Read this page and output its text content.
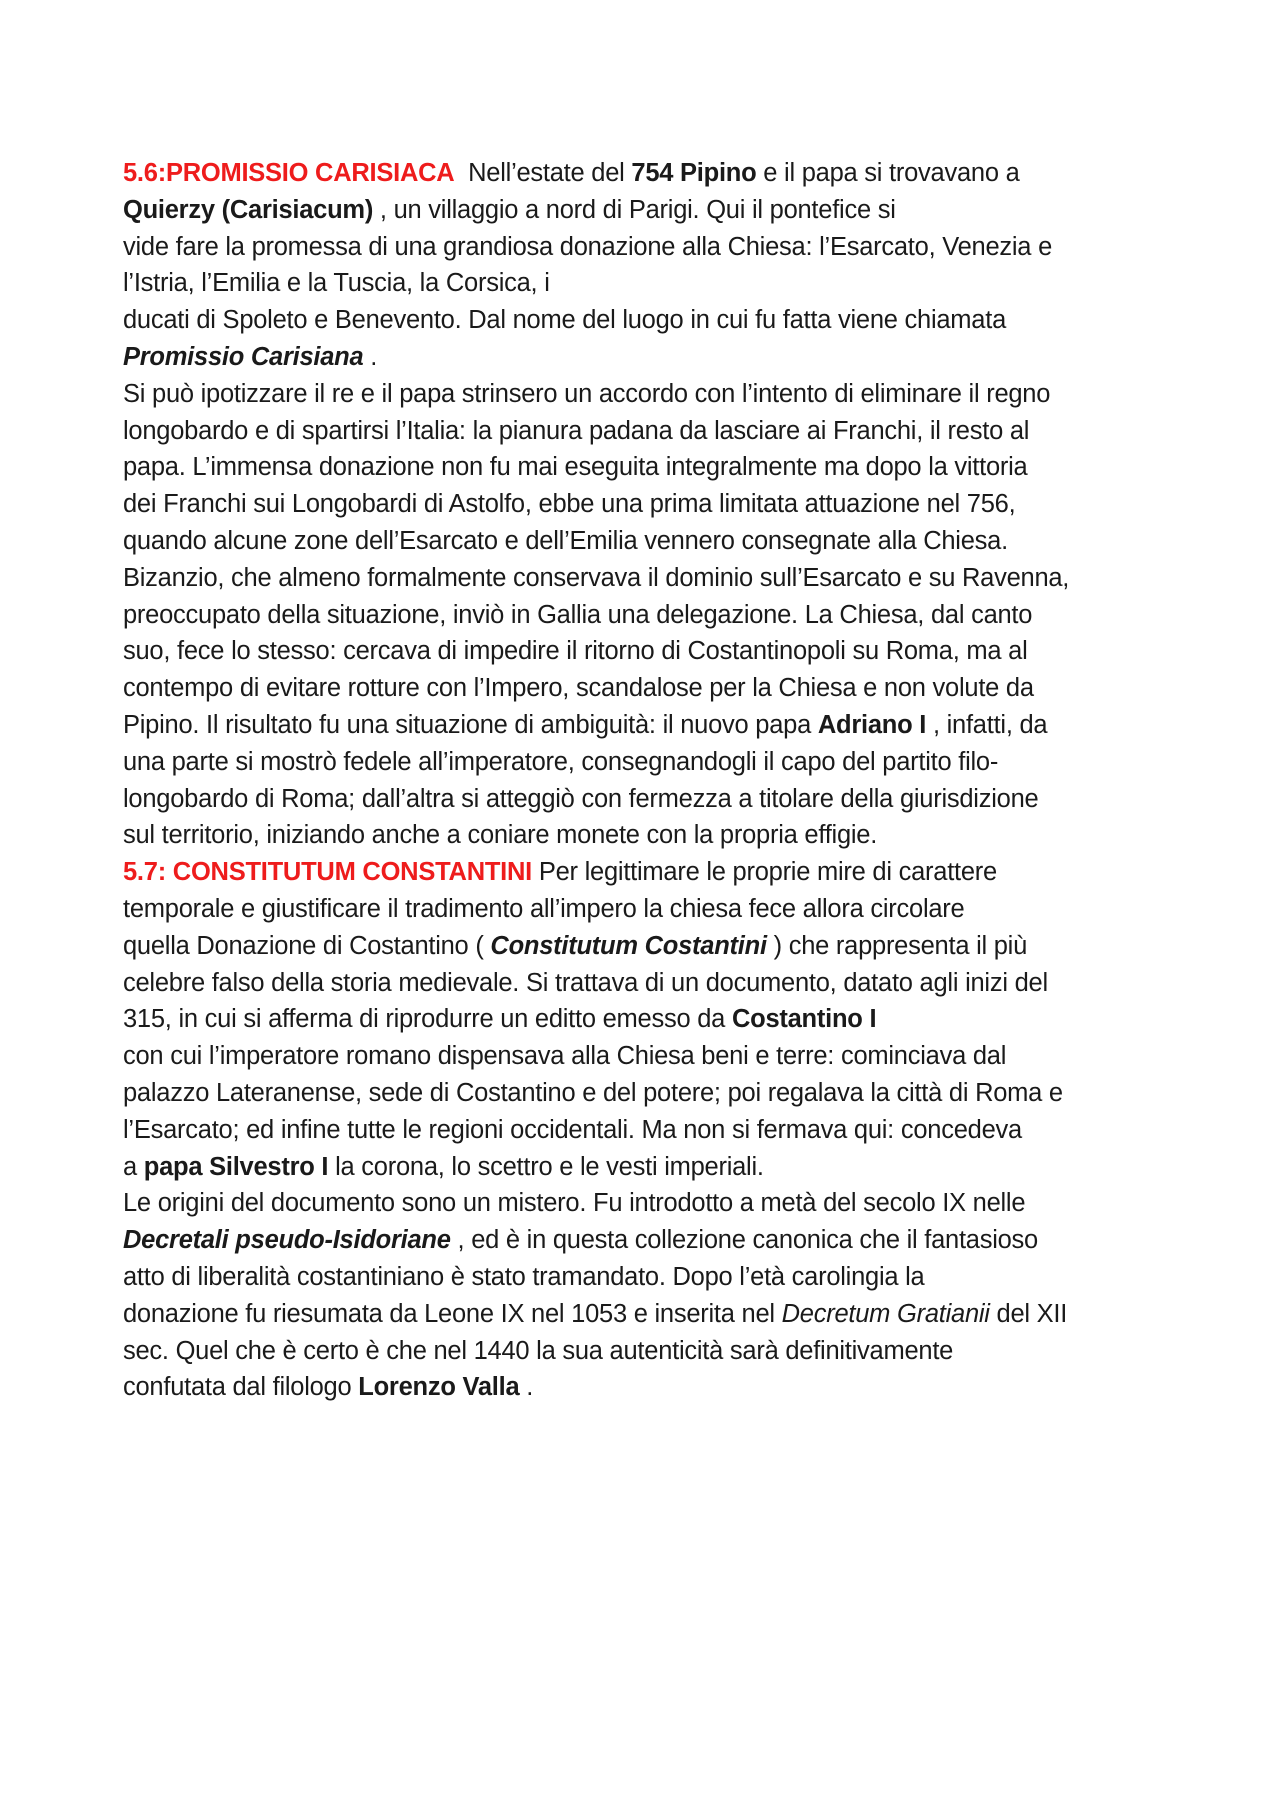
5.6:PROMISSIO CARISIACA  Nell’estate del 754 Pipino e il papa si trovavano a
Quierzy (Carisiacum) , un villaggio a nord di Parigi. Qui il pontefice si
vide fare la promessa di una grandiosa donazione alla Chiesa: l’Esarcato, Venezia e
l’Istria, l’Emilia e la Tuscia, la Corsica, i
ducati di Spoleto e Benevento. Dal nome del luogo in cui fu fatta viene chiamata
Promissio Carisiana .
Si può ipotizzare il re e il papa strinsero un accordo con l’intento di eliminare il regno
longobardo e di spartirsi l’Italia: la pianura padana da lasciare ai Franchi, il resto al
papa. L’immensa donazione non fu mai eseguita integralmente ma dopo la vittoria
dei Franchi sui Longobardi di Astolfo, ebbe una prima limitata attuazione nel 756,
quando alcune zone dell’Esarcato e dell’Emilia vennero consegnate alla Chiesa.
Bizanzio, che almeno formalmente conservava il dominio sull’Esarcato e su Ravenna,
preoccupato della situazione, inviò in Gallia una delegazione. La Chiesa, dal canto
suo, fece lo stesso: cercava di impedire il ritorno di Costantinopoli su Roma, ma al
contempo di evitare rotture con l’Impero, scandalose per la Chiesa e non volute da
Pipino. Il risultato fu una situazione di ambiguità: il nuovo papa Adriano I , infatti, da
una parte si mostrò fedele all’imperatore, consegnandogli il capo del partito filo-
longobardo di Roma; dall’altra si atteggiò con fermezza a titolare della giurisdizione
sul territorio, iniziando anche a coniare monete con la propria effigie.
5.7: CONSTITUTUM CONSTANTINI Per legittimare le proprie mire di carattere
temporale e giustificare il tradimento all’impero la chiesa fece allora circolare
quella Donazione di Costantino ( Constitutum Costantini ) che rappresenta il più
celebre falso della storia medievale. Si trattava di un documento, datato agli inizi del
315, in cui si afferma di riprodurre un editto emesso da Costantino I
con cui l’imperatore romano dispensava alla Chiesa beni e terre: cominciava dal
palazzo Lateranense, sede di Costantino e del potere; poi regalava la città di Roma e
l’Esarcato; ed infine tutte le regioni occidentali. Ma non si fermava qui: concedeva
a papa Silvestro I la corona, lo scettro e le vesti imperiali.
Le origini del documento sono un mistero. Fu introdotto a metà del secolo IX nelle
Decretali pseudo-Isidoriane , ed è in questa collezione canonica che il fantasioso
atto di liberalità costantiniano è stato tramandato. Dopo l’età carolingia la
donazione fu riesumata da Leone IX nel 1053 e inserita nel Decretum Gratianii del XII
sec. Quel che è certo è che nel 1440 la sua autenticità sarà definitivamente
confutata dal filologo Lorenzo Valla .
